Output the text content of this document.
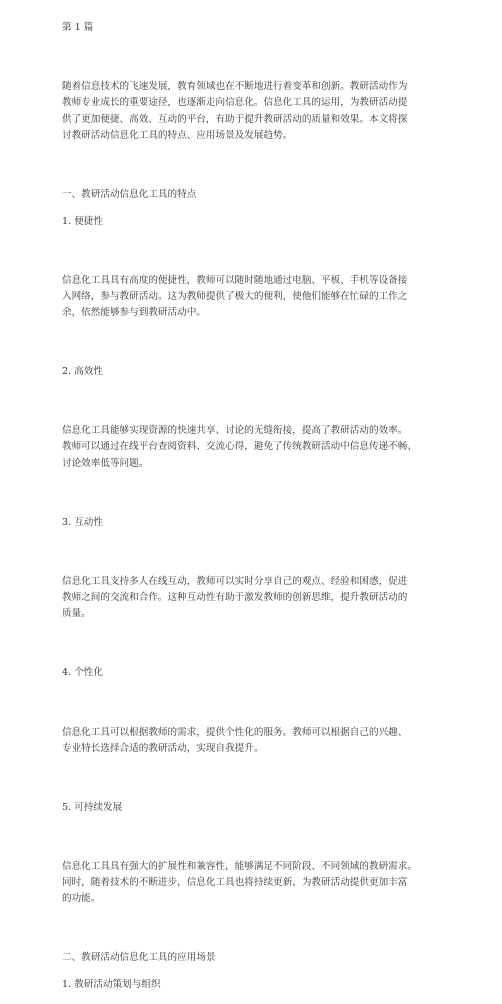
第 1 篇

随着信息技术的飞速发展，教育领域也在不断地进行着变革和创新。教研活动作为
教师专业成长的重要途径，也逐渐走向信息化。信息化工具的运用，为教研活动提
供了更加便捷、高效、互动的平台，有助于提升教研活动的质量和效果。本文将探
讨教研活动信息化工具的特点、应用场景及发展趋势。

一、教研活动信息化工具的特点

1. 便捷性

信息化工具具有高度的便捷性，教师可以随时随地通过电脑、平板、手机等设备接
入网络，参与教研活动。这为教师提供了极大的便利，使他们能够在忙碌的工作之
余，依然能够参与到教研活动中。

2. 高效性

信息化工具能够实现资源的快速共享、讨论的无缝衔接，提高了教研活动的效率。
教师可以通过在线平台查阅资料、交流心得，避免了传统教研活动中信息传递不畅、
讨论效率低等问题。

3. 互动性

信息化工具支持多人在线互动，教师可以实时分享自己的观点、经验和困惑，促进
教师之间的交流和合作。这种互动性有助于激发教师的创新思维，提升教研活动的
质量。

4. 个性化

信息化工具可以根据教师的需求，提供个性化的服务。教师可以根据自己的兴趣、
专业特长选择合适的教研活动，实现自我提升。

5. 可持续发展

信息化工具具有强大的扩展性和兼容性，能够满足不同阶段、不同领域的教研需求。
同时，随着技术的不断进步，信息化工具也将持续更新，为教研活动提供更加丰富
的功能。

二、教研活动信息化工具的应用场景

1. 教研活动策划与组织
